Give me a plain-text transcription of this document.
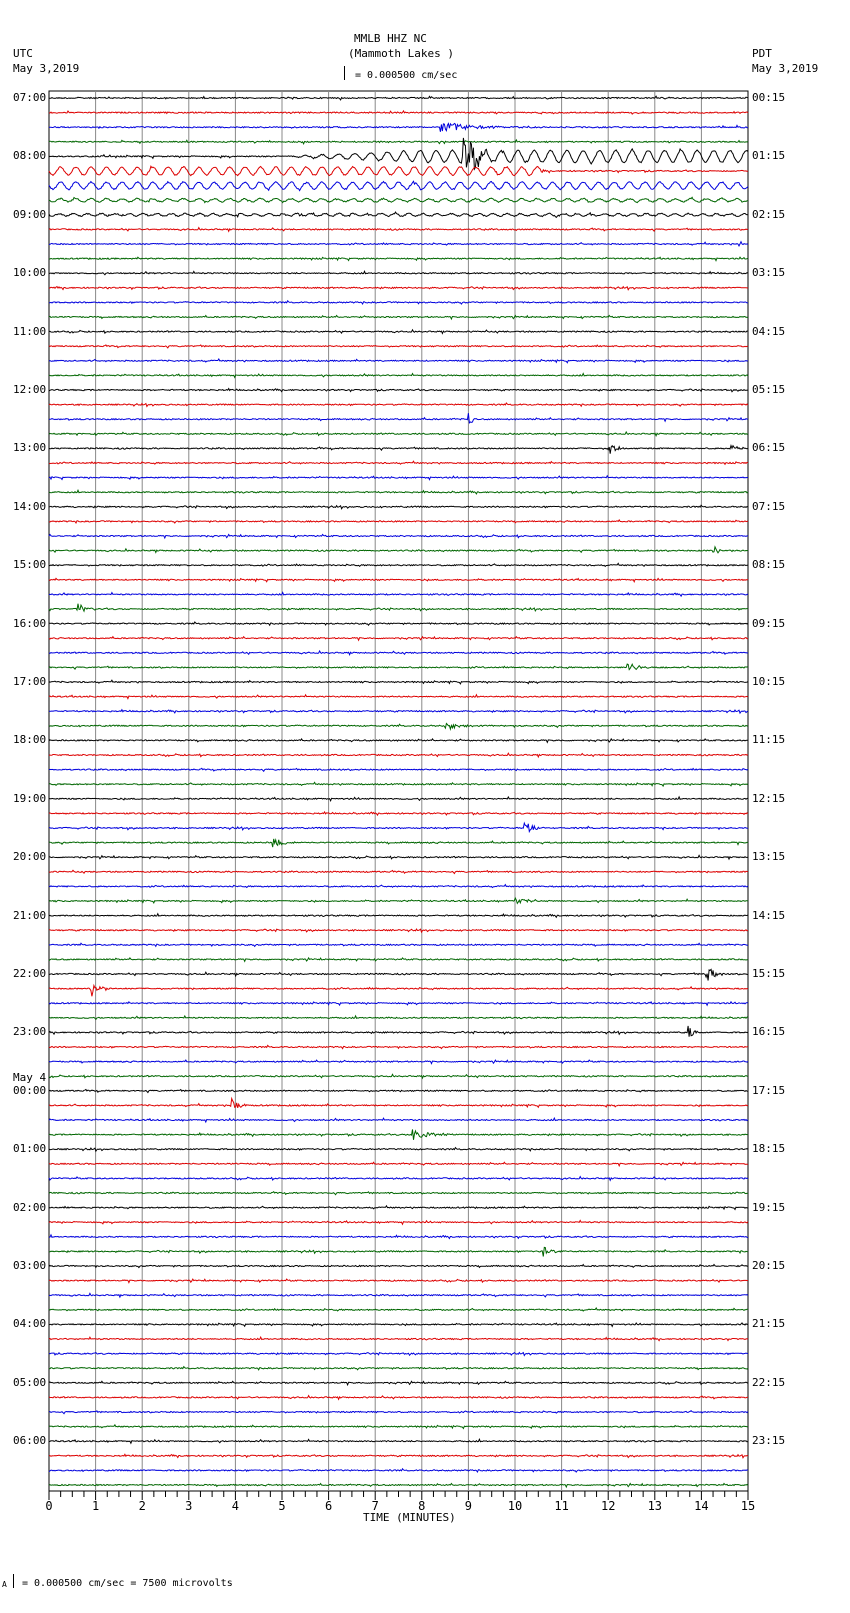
MMLB HHZ NC
(Mammoth Lakes )
UTC
May 3,2019
PDT
May 3,2019
= 0.000500 cm/sec
0	1	2	3	4	5	6	7	8	9	10	11	12	13	14	15
07:00
08:00
09:00
10:00
11:00
12:00
13:00
14:00
15:00
16:00
17:00
18:00
19:00
20:00
21:00
22:00
23:00
00:00
May 4
01:00
02:00
03:00
04:00
05:00
06:00
00:15
01:15
02:15
03:15
04:15
05:15
06:15
07:15
08:15
09:15
10:15
11:15
12:15
13:15
14:15
15:15
16:15
17:15
18:15
19:15
20:15
21:15
22:15
23:15
TIME (MINUTES)
A = 0.000500 cm/sec = 7500 microvolts
